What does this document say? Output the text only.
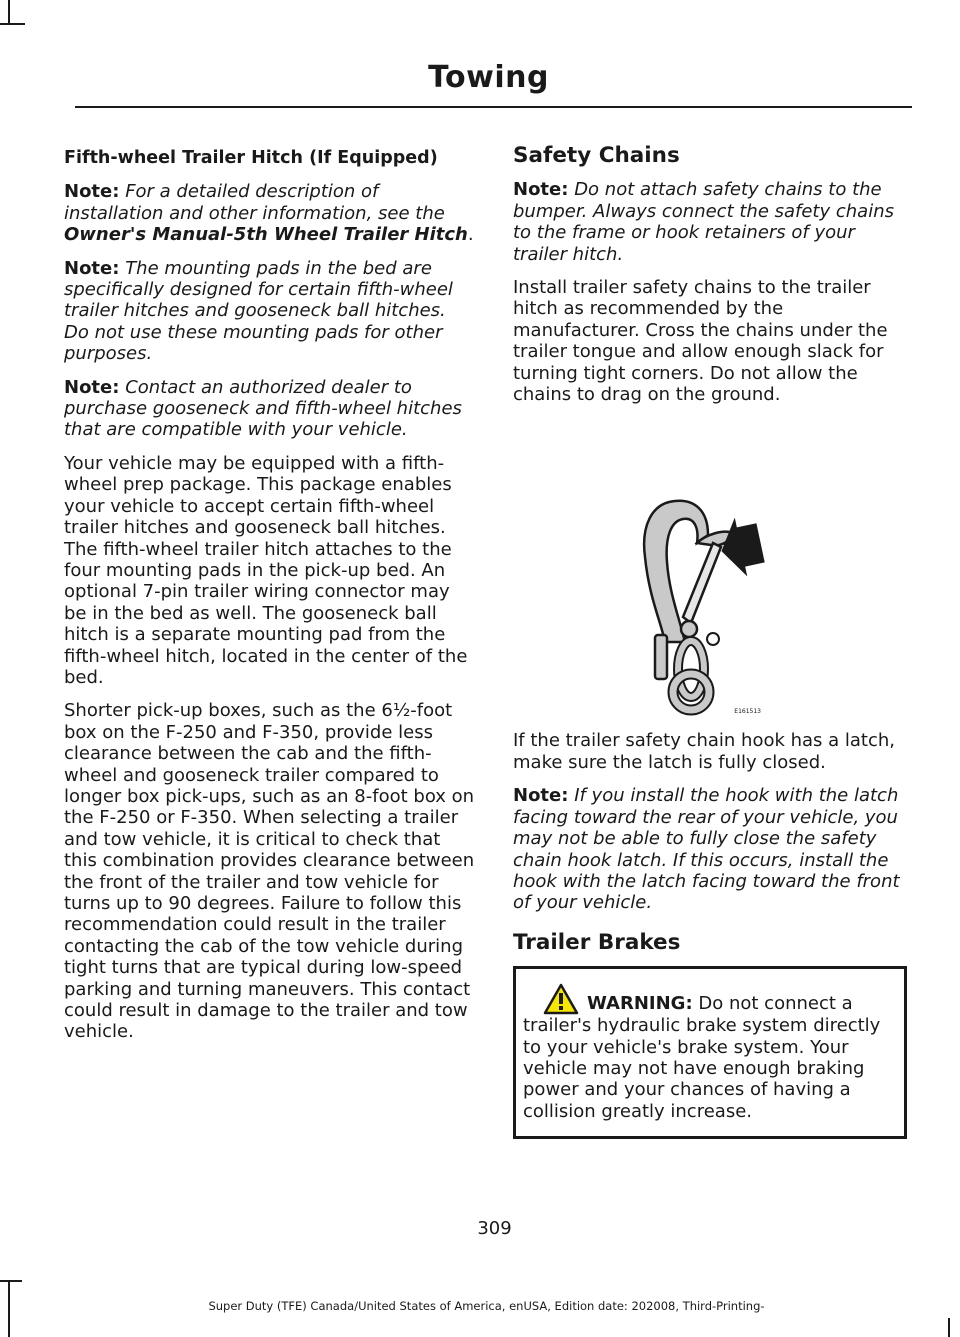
Towing

Fifth-wheel Trailer Hitch (If Equipped)

Note: For a detailed description of installation and other information, see the Owner's Manual-5th Wheel Trailer Hitch.

Note: The mounting pads in the bed are specifically designed for certain fifth-wheel trailer hitches and gooseneck ball hitches. Do not use these mounting pads for other purposes.

Note: Contact an authorized dealer to purchase gooseneck and fifth-wheel hitches that are compatible with your vehicle.

Your vehicle may be equipped with a fifth-wheel prep package. This package enables your vehicle to accept certain fifth-wheel trailer hitches and gooseneck ball hitches. The fifth-wheel trailer hitch attaches to the four mounting pads in the pick-up bed. An optional 7-pin trailer wiring connector may be in the bed as well. The gooseneck ball hitch is a separate mounting pad from the fifth-wheel hitch, located in the center of the bed.

Shorter pick-up boxes, such as the 6½-foot box on the F-250 and F-350, provide less clearance between the cab and the fifth-wheel and gooseneck trailer compared to longer box pick-ups, such as an 8-foot box on the F-250 or F-350. When selecting a trailer and tow vehicle, it is critical to check that this combination provides clearance between the front of the trailer and tow vehicle for turns up to 90 degrees. Failure to follow this recommendation could result in the trailer contacting the cab of the tow vehicle during tight turns that are typical during low-speed parking and turning maneuvers. This contact could result in damage to the trailer and tow vehicle.

Safety Chains

Note: Do not attach safety chains to the bumper. Always connect the safety chains to the frame or hook retainers of your trailer hitch.

Install trailer safety chains to the trailer hitch as recommended by the manufacturer. Cross the chains under the trailer tongue and allow enough slack for turning tight corners. Do not allow the chains to drag on the ground.

E161513

If the trailer safety chain hook has a latch, make sure the latch is fully closed.

Note: If you install the hook with the latch facing toward the rear of your vehicle, you may not be able to fully close the safety chain hook latch. If this occurs, install the hook with the latch facing toward the front of your vehicle.

Trailer Brakes

WARNING: Do not connect a trailer's hydraulic brake system directly to your vehicle's brake system. Your vehicle may not have enough braking power and your chances of having a collision greatly increase.

309
Super Duty (TFE) Canada/United States of America, enUSA, Edition date: 202008, Third-Printing-
